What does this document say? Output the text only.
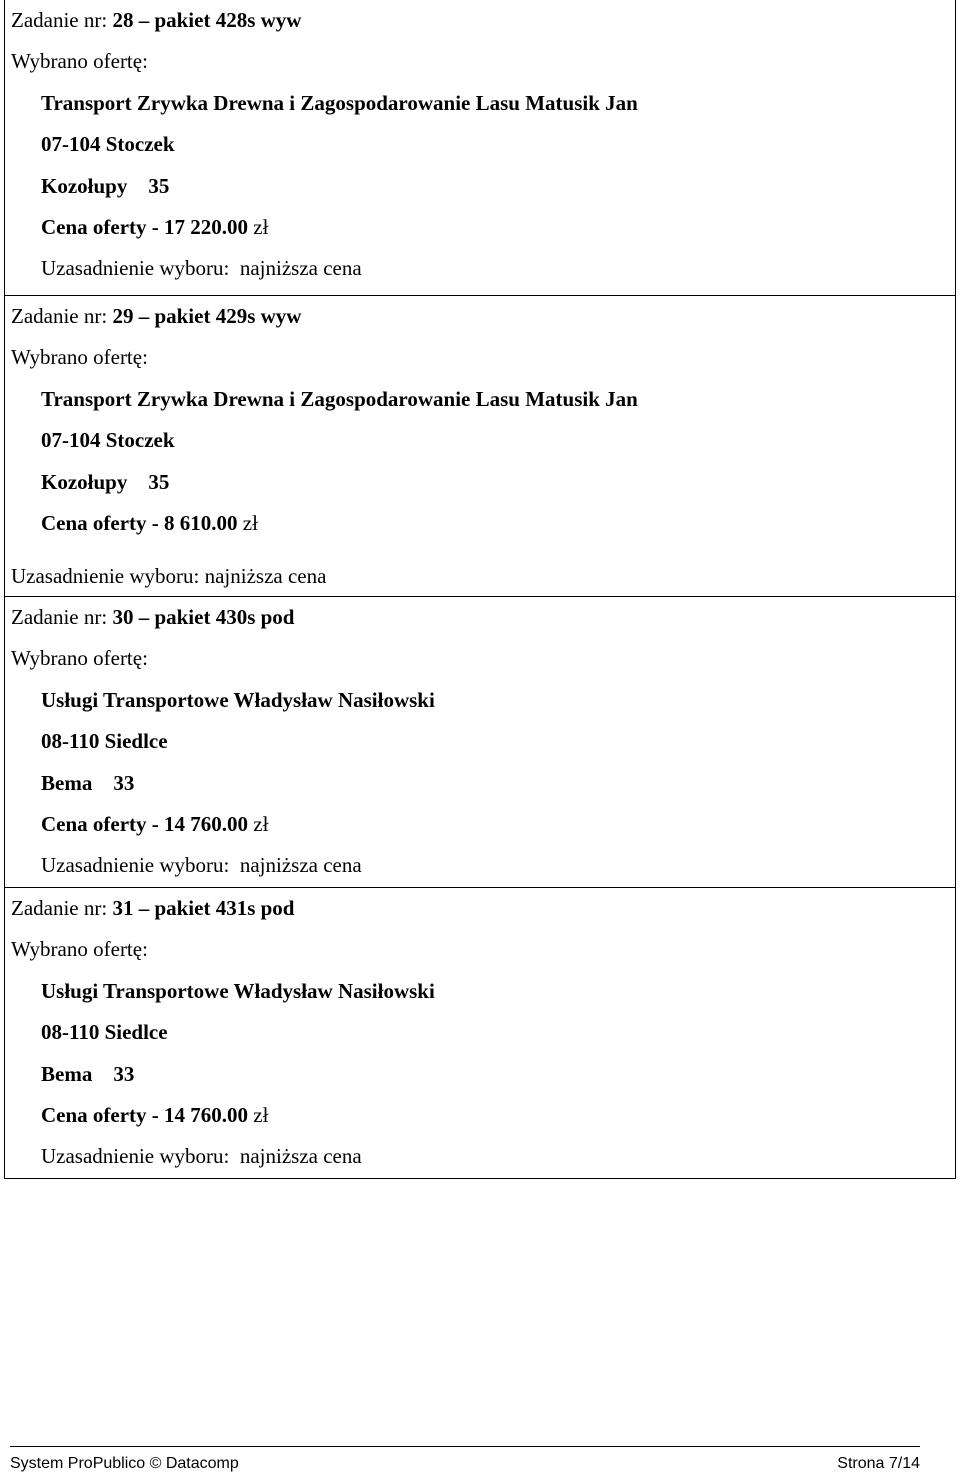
Zadanie nr: 28 – pakiet 428s wyw
Wybrano ofertę:
Transport Zrywka Drewna i Zagospodarowanie Lasu Matusik Jan
07-104 Stoczek
Kozołupy    35
Cena oferty - 17 220.00 zł
Uzasadnienie wyboru:  najniższa cena
Zadanie nr: 29 – pakiet 429s wyw
Wybrano ofertę:
Transport Zrywka Drewna i Zagospodarowanie Lasu Matusik Jan
07-104 Stoczek
Kozołupy    35
Cena oferty - 8 610.00 zł
Uzasadnienie wyboru: najniższa cena
Zadanie nr: 30 – pakiet 430s pod
Wybrano ofertę:
Usługi Transportowe Władysław Nasiłowski
08-110 Siedlce
Bema    33
Cena oferty - 14 760.00 zł
Uzasadnienie wyboru:  najniższa cena
Zadanie nr: 31 – pakiet 431s pod
Wybrano ofertę:
Usługi Transportowe Władysław Nasiłowski
08-110 Siedlce
Bema    33
Cena oferty - 14 760.00 zł
Uzasadnienie wyboru:  najniższa cena
System ProPublico © Datacomp	Strona 7/14
